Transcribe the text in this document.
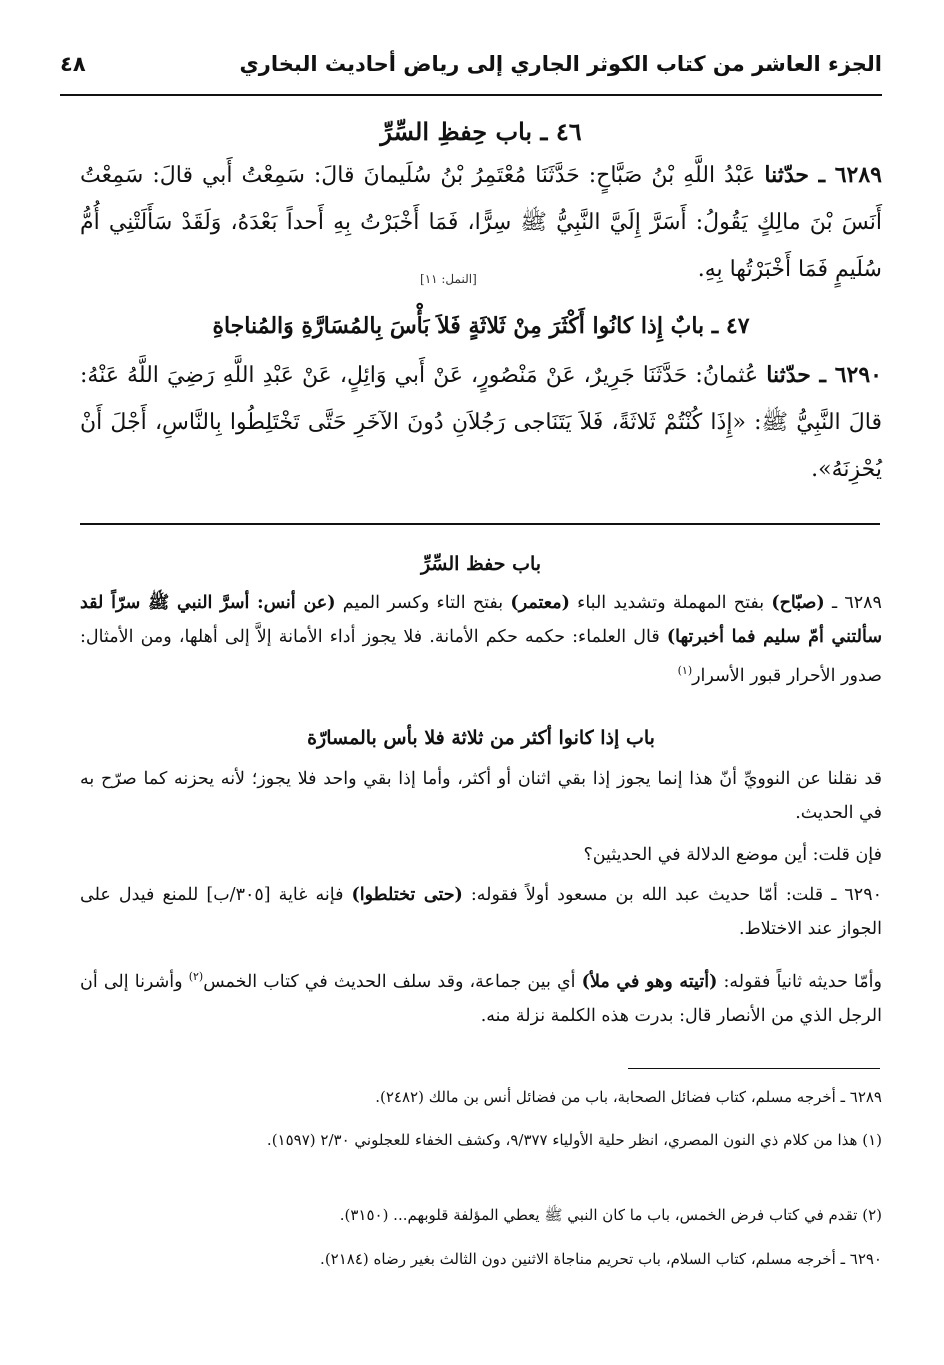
الجزء العاشر من كتاب الكوثر الجاري إلى رياض أحاديث البخاري
٤٨
٤٦ ـ باب حِفظِ السِّرِّ
٦٢٨٩ ـ حدّثنا عَبْدُ اللَّهِ بْنُ صَبَّاحٍ: حَدَّثَنَا مُعْتَمِرُ بْنُ سُلَيمانَ قالَ: سَمِعْتُ أَبي قالَ: سَمِعْتُ أَنَسَ بْنَ مالِكٍ يَقُولُ: أَسَرَّ إِلَيَّ النَّبِيُّ ﷺ سِرًّا، فَمَا أَخْبَرْتُ بِهِ أَحداً بَعْدَهُ، وَلَقَدْ سَأَلَتْنِي أُمُّ سُلَيمٍ فَمَا أَخْبَرْتُها بِهِ.
[النمل: ١١]
٤٧ ـ بابٌ إِذا كانُوا أَكْثَرَ مِنْ ثَلاثَةٍ فَلاَ بَأْسَ بِالمُسَارَّةِ وَالمُناجاةِ
٦٢٩٠ ـ حدّثنا عُثمانُ: حَدَّثَنَا جَرِيرٌ، عَنْ مَنْصُورٍ، عَنْ أَبي وَائِلٍ، عَنْ عَبْدِ اللَّهِ رَضِيَ اللَّهُ عَنْهُ: قالَ النَّبِيُّ ﷺ: «إِذَا كُنْتُمْ ثَلاثَةً، فَلاَ يَتَنَاجى رَجُلاَنِ دُونَ الآخَرِ حَتَّى تَخْتَلِطُوا بِالنَّاسِ، أَجْلَ أَنْ يُحْزِنَهُ».
باب حفظ السِّرِّ
٦٢٨٩ ـ (صبّاح) بفتح المهملة وتشديد الباء (معتمر) بفتح التاء وكسر الميم (عن أنس: أسرَّ النبي ﷺ سرّاً لقد سألتني أمّ سليم فما أخبرتها) قال العلماء: حكمه حكم الأمانة. فلا يجوز أداء الأمانة إلاَّ إلى أهلها، ومن الأمثال: صدور الأحرار قبور الأسرار$^{(١)}$
باب إذا كانوا أكثر من ثلاثة فلا بأس بالمسارّة
قد نقلنا عن النوويِّ أنّ هذا إنما يجوز إذا بقي اثنان أو أكثر، وأما إذا بقي واحد فلا يجوز؛ لأنه يحزنه كما صرّح به في الحديث.
فإن قلت: أين موضع الدلالة في الحديثين؟
٦٢٩٠ ـ قلت: أمّا حديث عبد الله بن مسعود أولاً فقوله: (حتى تختلطوا) فإنه غاية [٣٠٥/ب] للمنع فيدل على الجواز عند الاختلاط.
وأمّا حديثه ثانياً فقوله: (أتيته وهو في ملأ) أي بين جماعة، وقد سلف الحديث في كتاب الخمس$^{(٢)}$ وأشرنا إلى أن الرجل الذي من الأنصار قال: بدرت هذه الكلمة نزلة منه.
٦٢٨٩ ـ أخرجه مسلم، كتاب فضائل الصحابة، باب من فضائل أنس بن مالك (٢٤٨٢).
(١) هذا من كلام ذي النون المصري، انظر حلية الأولياء ٩/٣٧٧، وكشف الخفاء للعجلوني ٢/٣٠ (١٥٩٧).
(٢) تقدم في كتاب فرض الخمس، باب ما كان النبي ﷺ يعطي المؤلفة قلوبهم... (٣١٥٠).
٦٢٩٠ ـ أخرجه مسلم، كتاب السلام، باب تحريم مناجاة الاثنين دون الثالث بغير رضاه (٢١٨٤).
